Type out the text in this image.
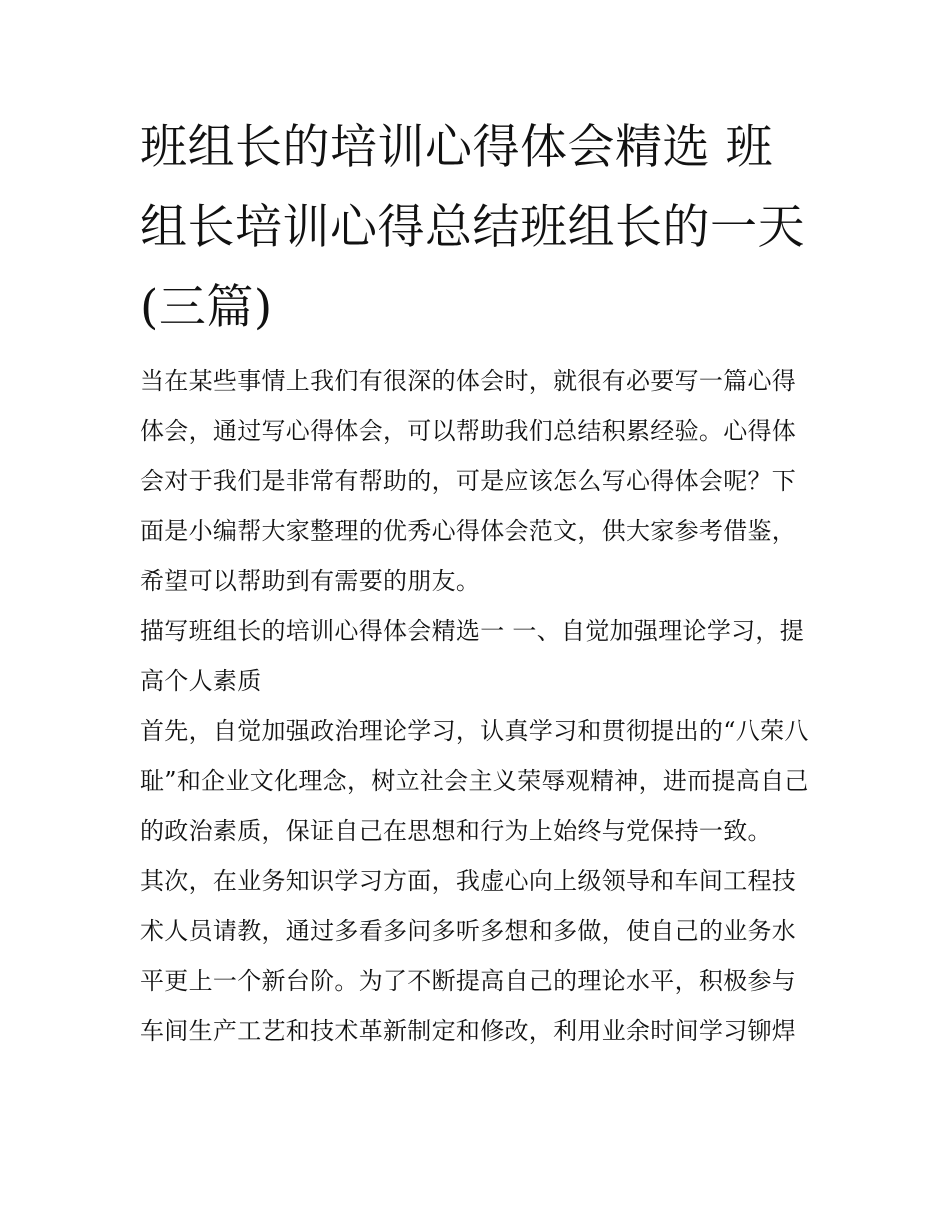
班组长的培训心得体会精选 班组长培训心得总结班组长的一天(三篇)

当在某些事情上我们有很深的体会时，就很有必要写一篇心得体会，通过写心得体会，可以帮助我们总结积累经验。心得体会对于我们是非常有帮助的，可是应该怎么写心得体会呢？下面是小编帮大家整理的优秀心得体会范文，供大家参考借鉴，希望可以帮助到有需要的朋友。

描写班组长的培训心得体会精选一 一、自觉加强理论学习，提高个人素质

首先，自觉加强政治理论学习，认真学习和贯彻提出的“八荣八耻”和企业文化理念，树立社会主义荣辱观精神，进而提高自己的政治素质，保证自己在思想和行为上始终与党保持一致。

其次，在业务知识学习方面，我虚心向上级领导和车间工程技术人员请教，通过多看多问多听多想和多做，使自己的业务水平更上一个新台阶。为了不断提高自己的理论水平，积极参与车间生产工艺和技术革新制定和修改，利用业余时间学习铆焊
